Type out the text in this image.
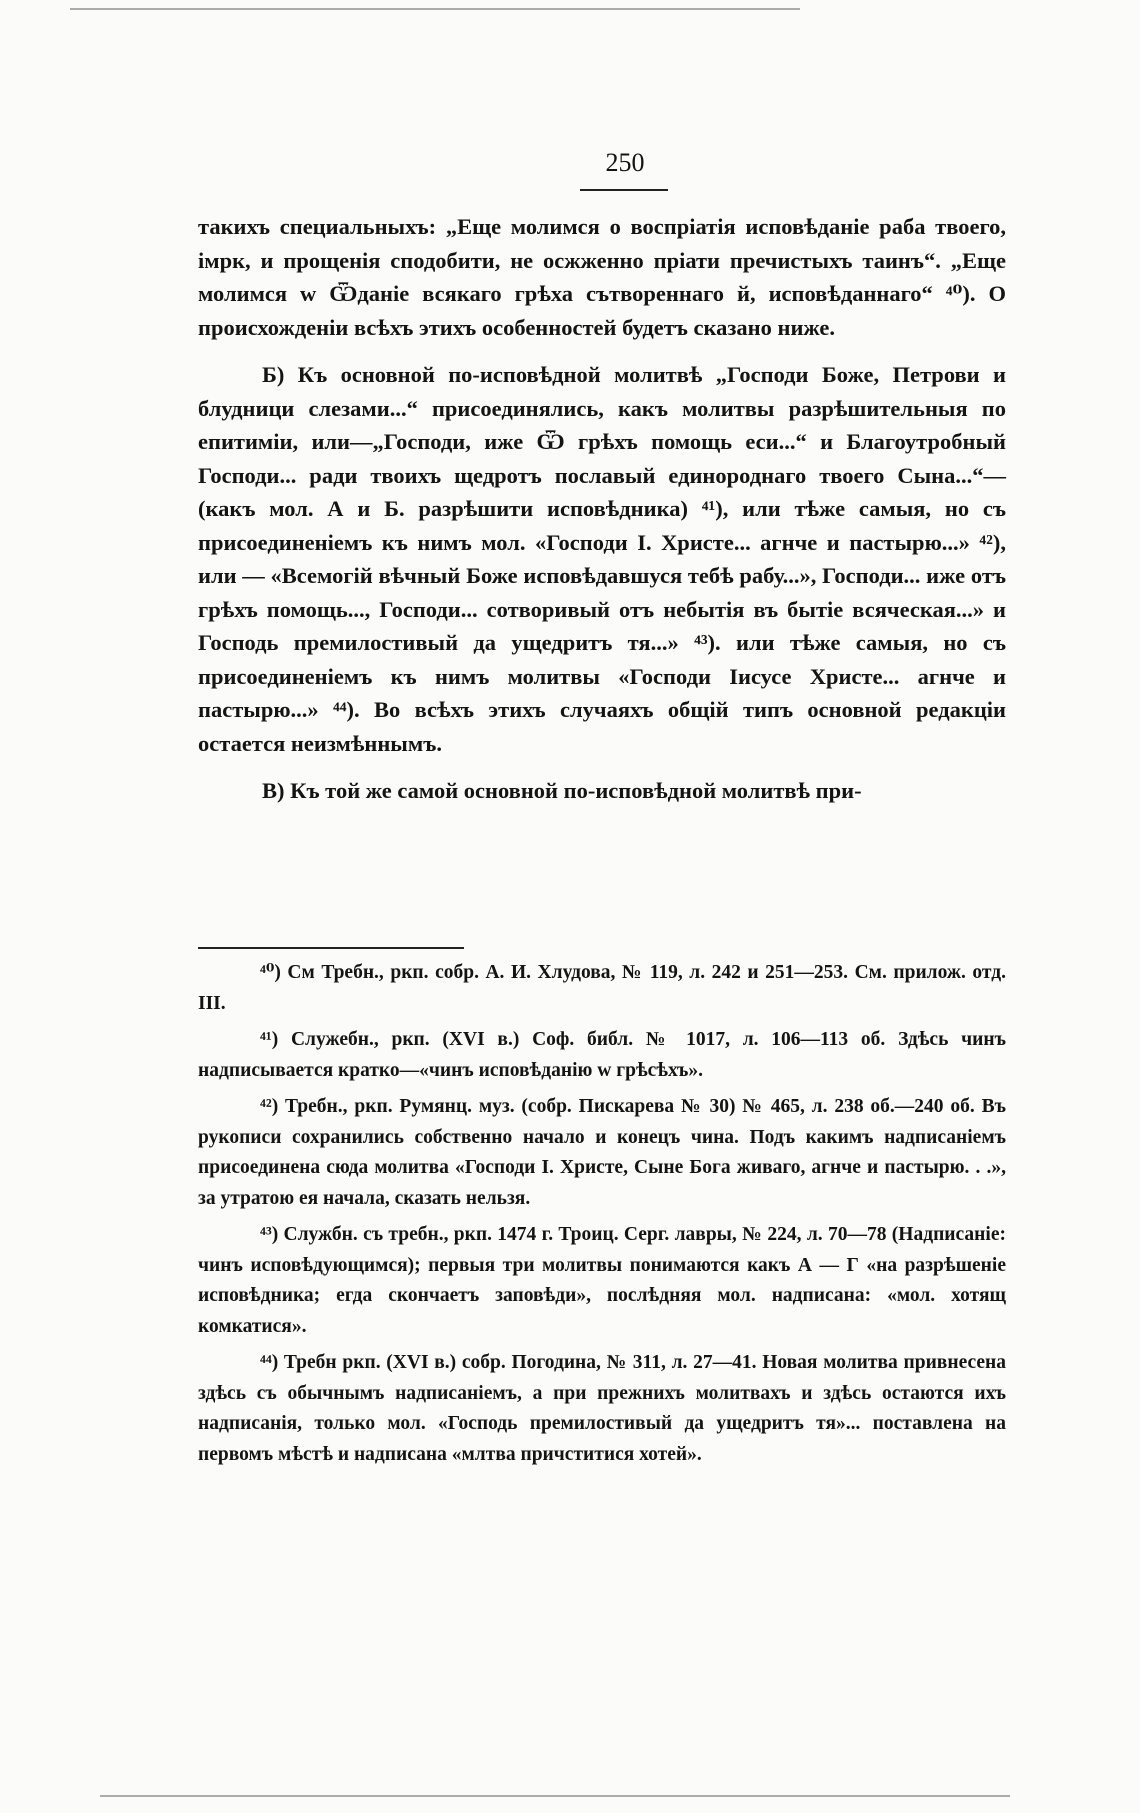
250

такихъ специальныхъ: „Еще молимся о воспріатія исповѣданіе раба твоего, імрк, и прощенія сподобити, не осжженно пріати пречистыхъ таинъ“. „Еще молимся w Ѿданіе всякаго грѣха сътвореннаго й, исповѣданнаго“ ⁴⁰). О происхожденіи всѣхъ этихъ особенностей будетъ сказано ниже.

Б) Къ основной по-исповѣдной молитвѣ „Господи Боже, Петрови и блудници слезами...“ присоединялись, какъ молитвы разрѣшительныя по епитиміи, или—„Господи, иже Ѿ грѣхъ помощь еси...“ и Благоутробный Господи... ради твоихъ щедротъ пославый единороднаго твоего Сына...“—(какъ мол. А и Б. разрѣшити исповѣдника) ⁴¹), или тѣже самыя, но съ присоединеніемъ къ нимъ мол. «Господи І. Христе... агнче и пастырю...» ⁴²), или — «Всемогій вѣчный Боже исповѣдавшуся тебѣ рабу...», Господи... иже отъ грѣхъ помощь..., Господи... сотворивый отъ небытія въ бытіе всяческая...» и Господь премилостивый да ущедритъ тя...» ⁴³). или тѣже самыя, но съ присоединеніемъ къ нимъ молитвы «Господи Іисусе Христе... агнче и пастырю...» ⁴⁴). Во всѣхъ этихъ случаяхъ общій типъ основной редакціи остается неизмѣннымъ.

В) Къ той же самой основной по-исповѣдной молитвѣ при-

⁴⁰) См Требн., ркп. собр. А. И. Хлудова, № 119, л. 242 и 251—253. См. прилож. отд. III.

⁴¹) Служебн., ркп. (XVI в.) Соф. библ. № 1017, л. 106—113 об. Здѣсь чинъ надписывается кратко—«чинъ исповѣданію w грѣсѣхъ».

⁴²) Требн., ркп. Румянц. муз. (собр. Пискарева № 30) № 465, л. 238 об.—240 об. Въ рукописи сохранились собственно начало и конецъ чина. Подъ какимъ надписаніемъ присоединена сюда молитва «Господи І. Христе, Сыне Бога живаго, агнче и пастырю. . .», за утратою ея начала, сказать нельзя.

⁴³) Службн. съ требн., ркп. 1474 г. Троиц. Серг. лавры, № 224, л. 70—78 (Надписаніе: чинъ исповѣдующимся); первыя три молитвы понимаются какъ А — Г «на разрѣшеніе исповѣдника; егда скончаетъ заповѣди», послѣдняя мол. надписана: «мол. хотящ комкатися».

⁴⁴) Требн ркп. (XVI в.) собр. Погодина, № 311, л. 27—41. Новая молитва привнесена здѣсь съ обычнымъ надписаніемъ, а при прежнихъ молитвахъ и здѣсь остаются ихъ надписанія, только мол. «Господь премилостивый да ущедритъ тя»... поставлена на первомъ мѣстѣ и надписана «млтва причститися хотей».
